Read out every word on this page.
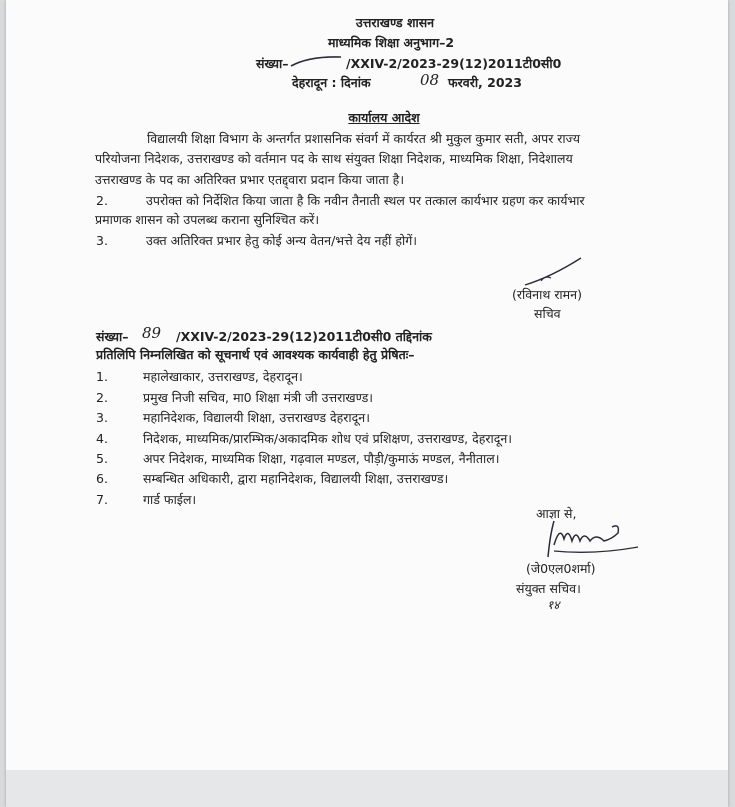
उत्तराखण्ड शासन
माध्यमिक शिक्षा अनुभाग–2
संख्या–	/XXIV-2/2023-29(12)2011टी0सी0
देहरादून : दिनांक	08 फरवरी, 2023
कार्यालय आदेश
विद्यालयी शिक्षा विभाग के अन्तर्गत प्रशासनिक संवर्ग में कार्यरत श्री मुकुल कुमार सती, अपर राज्य
परियोजना निदेशक, उत्तराखण्ड को वर्तमान पद के साथ संयुक्त शिक्षा निदेशक, माध्यमिक शिक्षा, निदेशालय
उत्तराखण्ड के पद का अतिरिक्त प्रभार एतद्द्वारा प्रदान किया जाता है।
2.	उपरोक्त को निर्देशित किया जाता है कि नवीन तैनाती स्थल पर तत्काल कार्यभार ग्रहण कर कार्यभार
प्रमाणक शासन को उपलब्ध कराना सुनिश्चित करें।
3.	उक्त अतिरिक्त प्रभार हेतु कोई अन्य वेतन/भत्ते देय नहीं होगें।
(रविनाथ रामन)
सचिव
संख्या– 89 /XXIV-2/2023-29(12)2011टी0सी0 तद्दिनांक
प्रतिलिपि निम्नलिखित को सूचनार्थ एवं आवश्यक कार्यवाही हेतु प्रेषितः–
1.	महालेखाकार, उत्तराखण्ड, देहरादून।
2.	प्रमुख निजी सचिव, मा0 शिक्षा मंत्री जी उत्तराखण्ड।
3.	महानिदेशक, विद्यालयी शिक्षा, उत्तराखण्ड देहरादून।
4.	निदेशक, माध्यमिक/प्रारम्भिक/अकादमिक शोध एवं प्रशिक्षण, उत्तराखण्ड, देहरादून।
5.	अपर निदेशक, माध्यमिक शिक्षा, गढ़वाल मण्डल, पौड़ी/कुमाऊं मण्डल, नैनीताल।
6.	सम्बन्धित अधिकारी, द्वारा महानिदेशक, विद्यालयी शिक्षा, उत्तराखण्ड।
7.	गार्ड फाईल।
आज्ञा से,
(जे0एल0शर्मा)
संयुक्त सचिव।
१४
